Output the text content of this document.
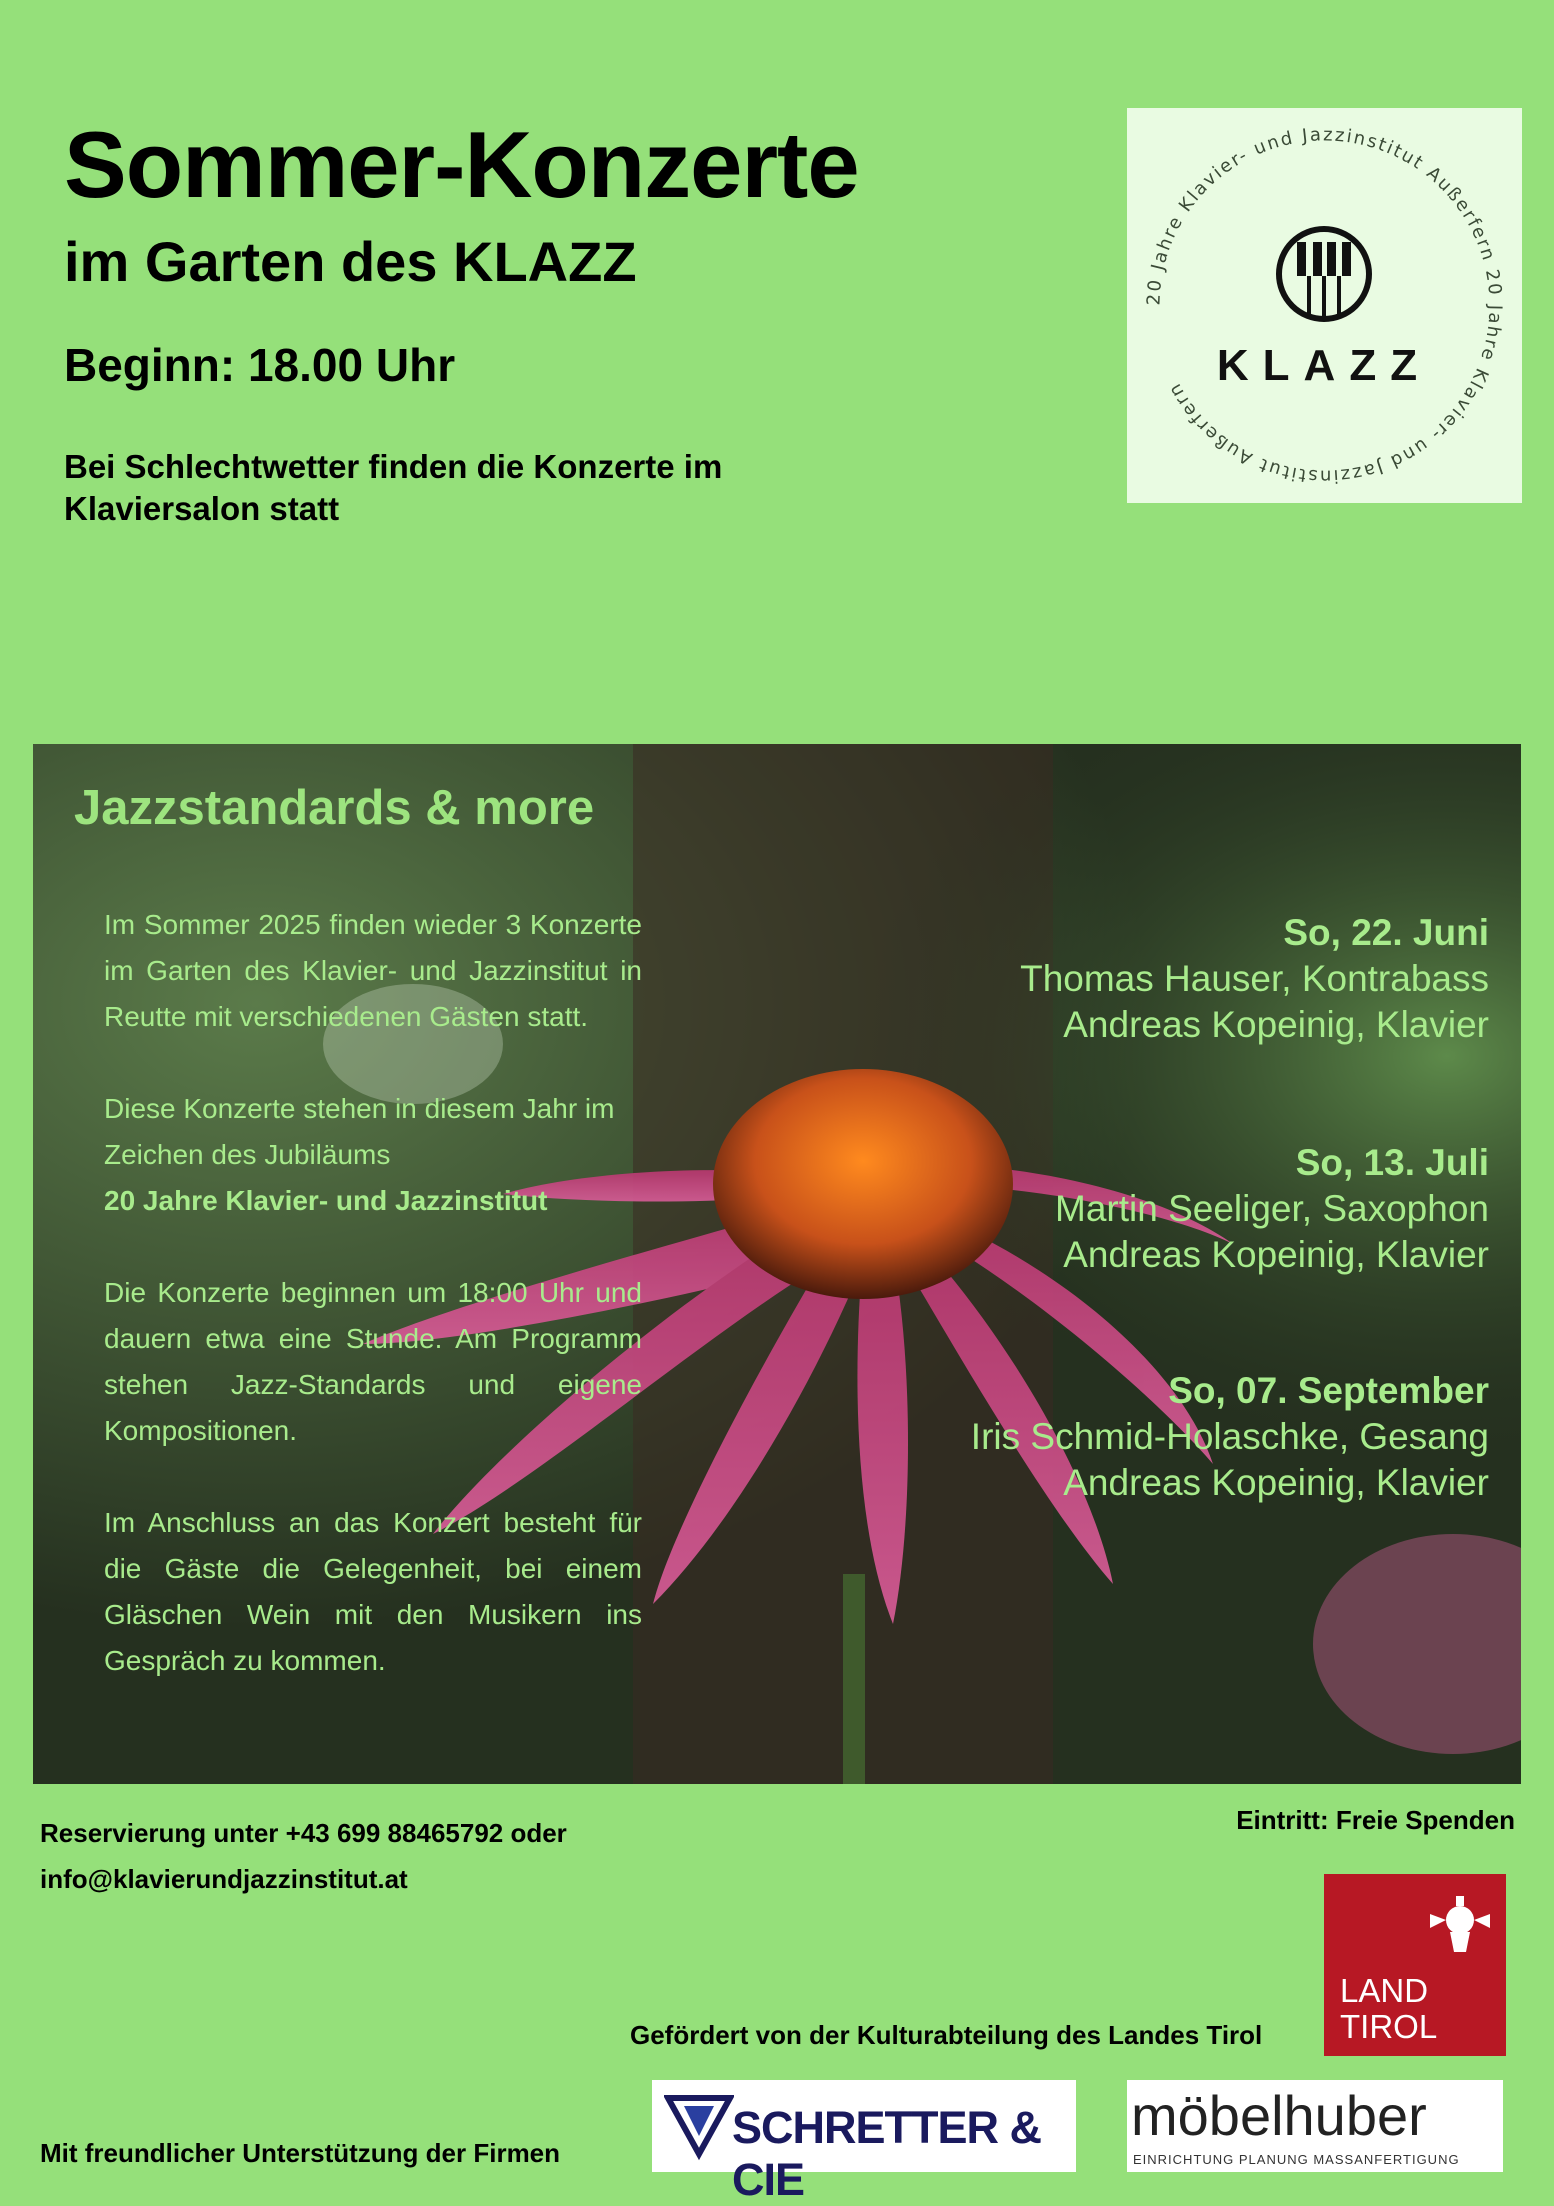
Sommer-Konzerte
im Garten des KLAZZ
Beginn: 18.00 Uhr
Bei Schlechtwetter finden die Konzerte im Klaviersalon statt
20 Jahre Klavier- und Jazzinstitut Außerfern 20 Jahre Klavier- und Jazzinstitut Außerfern KLAZZ
Jazzstandards & more

Im Sommer 2025 finden wieder 3 Konzerte im Garten des Klavier- und Jazzinstitut in Reutte mit verschiedenen Gästen statt.

Diese Konzerte stehen in diesem Jahr im Zeichen des Jubiläums
20 Jahre Klavier- und Jazzinstitut

Die Konzerte beginnen um 18:00 Uhr und dauern etwa eine Stunde. Am Programm stehen Jazz-Standards und eigene Kompositionen.

Im Anschluss an das Konzert besteht für die Gäste die Gelegenheit, bei einem Gläschen Wein mit den Musikern ins Gespräch zu kommen.

So, 22. Juni
Thomas Hauser, Kontrabass
Andreas Kopeinig, Klavier
So, 13. Juli
Martin Seeliger, Saxophon
Andreas Kopeinig, Klavier
So, 07. September
Iris Schmid-Holaschke, Gesang
Andreas Kopeinig, Klavier
Reservierung unter +43 699 88465792 oder
info@klavierundjazzinstitut.at
Eintritt: Freie Spenden
LAND
TIROL
Gefördert von der Kulturabteilung des Landes Tirol
Mit freundlicher Unterstützung der Firmen	SCHRETTER & CIE
möbelhuber
EINRICHTUNG PLANUNG MASSANFERTIGUNG
